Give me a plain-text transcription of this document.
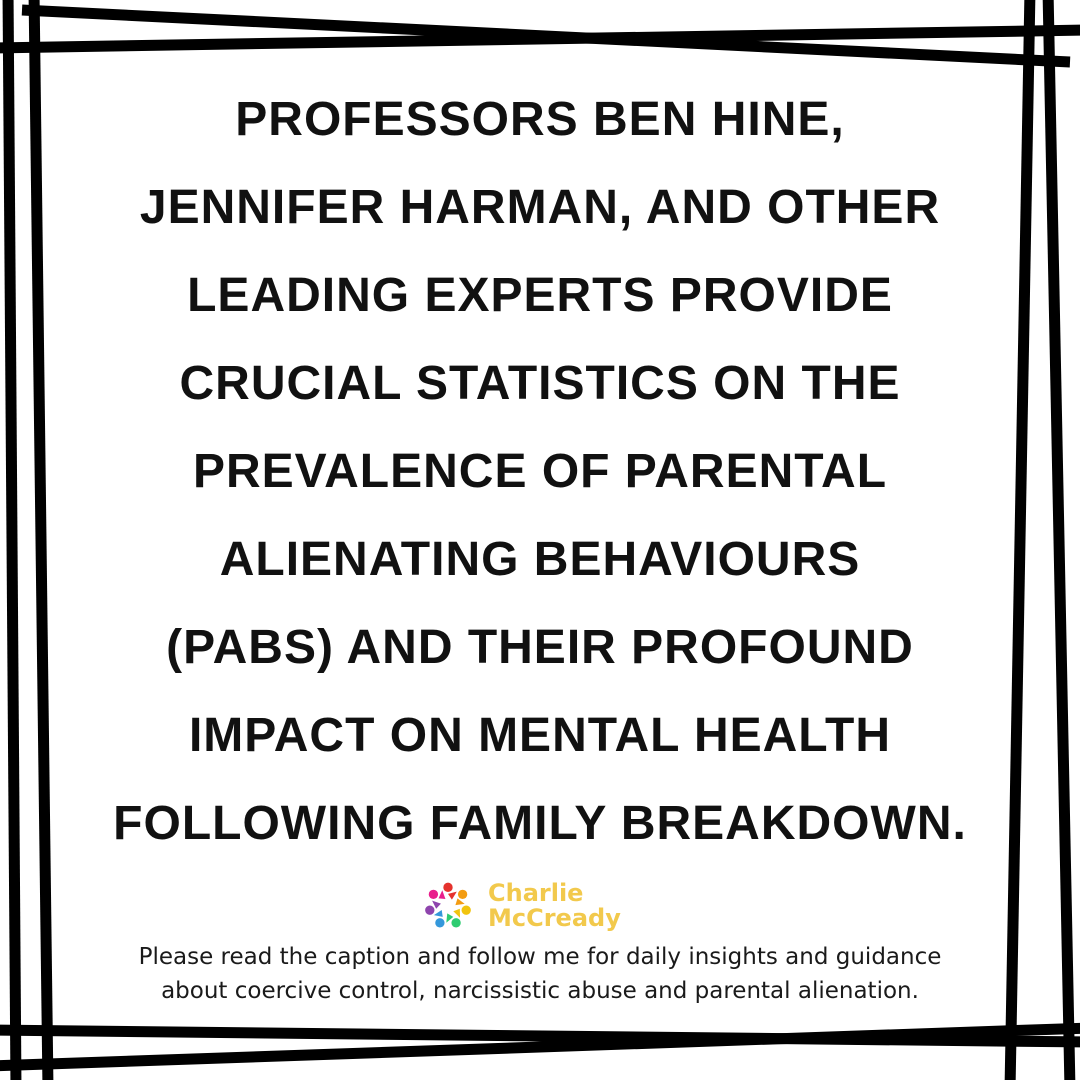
PROFESSORS BEN HINE,
JENNIFER HARMAN, AND OTHER
LEADING EXPERTS PROVIDE
CRUCIAL STATISTICS ON THE
PREVALENCE OF PARENTAL
ALIENATING BEHAVIOURS
(PABS) AND THEIR PROFOUND
IMPACT ON MENTAL HEALTH
FOLLOWING FAMILY BREAKDOWN.
Charlie
McCready
Please read the caption and follow me for daily insights and guidance
about coercive control, narcissistic abuse and parental alienation.
